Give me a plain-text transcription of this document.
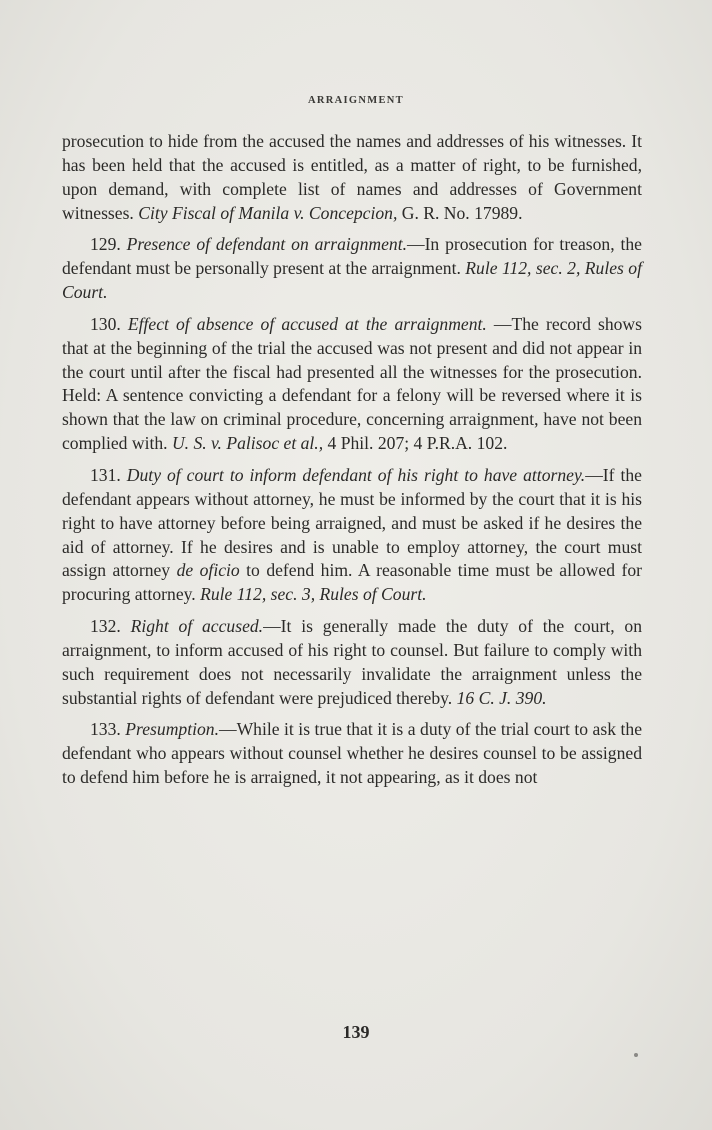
ARRAIGNMENT

prosecution to hide from the accused the names and addresses of his witnesses. It has been held that the accused is entitled, as a matter of right, to be furnished, upon demand, with complete list of names and addresses of Government witnesses. City Fiscal of Manila v. Concepcion, G. R. No. 17989.

129. Presence of defendant on arraignment.—In prosecution for treason, the defendant must be personally present at the arraignment. Rule 112, sec. 2, Rules of Court.

130. Effect of absence of accused at the arraignment. —The record shows that at the beginning of the trial the accused was not present and did not appear in the court until after the fiscal had presented all the witnesses for the prosecution. Held: A sentence convicting a defendant for a felony will be reversed where it is shown that the law on criminal procedure, concerning arraignment, have not been complied with. U. S. v. Palisoc et al., 4 Phil. 207; 4 P.R.A. 102.

131. Duty of court to inform defendant of his right to have attorney.—If the defendant appears without attorney, he must be informed by the court that it is his right to have attorney before being arraigned, and must be asked if he desires the aid of attorney. If he desires and is unable to employ attorney, the court must assign attorney de oficio to defend him. A reasonable time must be allowed for procuring attorney. Rule 112, sec. 3, Rules of Court.

132. Right of accused.—It is generally made the duty of the court, on arraignment, to inform accused of his right to counsel. But failure to comply with such requirement does not necessarily invalidate the arraignment unless the substantial rights of defendant were prejudiced thereby. 16 C. J. 390.

133. Presumption.—While it is true that it is a duty of the trial court to ask the defendant who appears without counsel whether he desires counsel to be assigned to defend him before he is arraigned, it not appearing, as it does not

139
